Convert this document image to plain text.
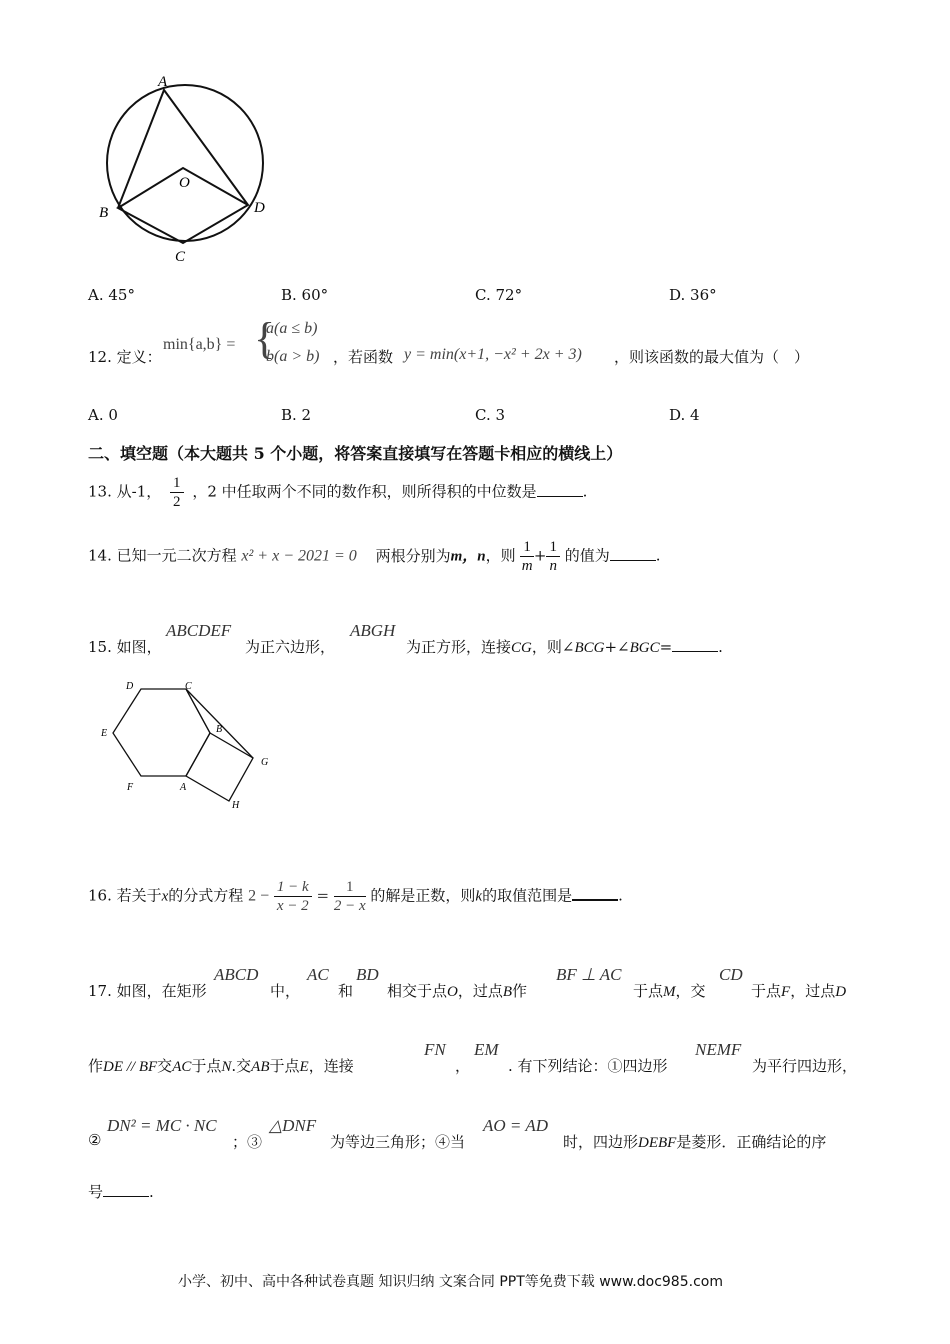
A
O
B	D
C
A. 45°	B. 60°	C. 72°	D. 36°
12. 定义：
min{a,b} = {
a(a ≤ b)
b(a > b) ，若函数 y = min(x+1, −x² + 2x + 3) ，则该函数的最大值为（　）
A. 0	B. 2	C. 3	D. 4
二、填空题（本大题共 5 个小题，将答案直接填写在答题卡相应的横线上）
13. 从-1， $\frac{1}{2}$ ，2 中任取两个不同的数作积，则所得积的中位数是	.
14. 已知一元二次方程 x² + x − 2021 = 0 两根分别为m，n，则 $\frac{1}{m} + \frac{1}{n}$ 的值为	.
15. 如图，
ABCDEF
为正六边形，
ABGH
为正方形，连接CG，则∠BCG+∠BGC=	.
D	C
E	B
G
F	A
H
16. 若关于x的分式方程 $2 - \frac{1 - k}{x - 2} = \frac{1}{2 - x}$ 的解是正数，则k的取值范围是	.
17. 如图，在矩形
ABCD
中，
AC
和
BD
相交于点O，过点B作
BF ⊥ AC
于点M，交
CD
于点F，过点D
作DE // BF交AC于点N.交AB于点E，连接
FN
，
EM
. 有下列结论：①四边形
NEMF
为平行四边形，
②
DN² = MC · NC
；③
△DNF
为等边三角形；④当
AO = AD
时，四边形DEBF是菱形．正确结论的序
号	.
小学、初中、高中各种试卷真题 知识归纳 文案合同 PPT等免费下载 www.doc985.com
